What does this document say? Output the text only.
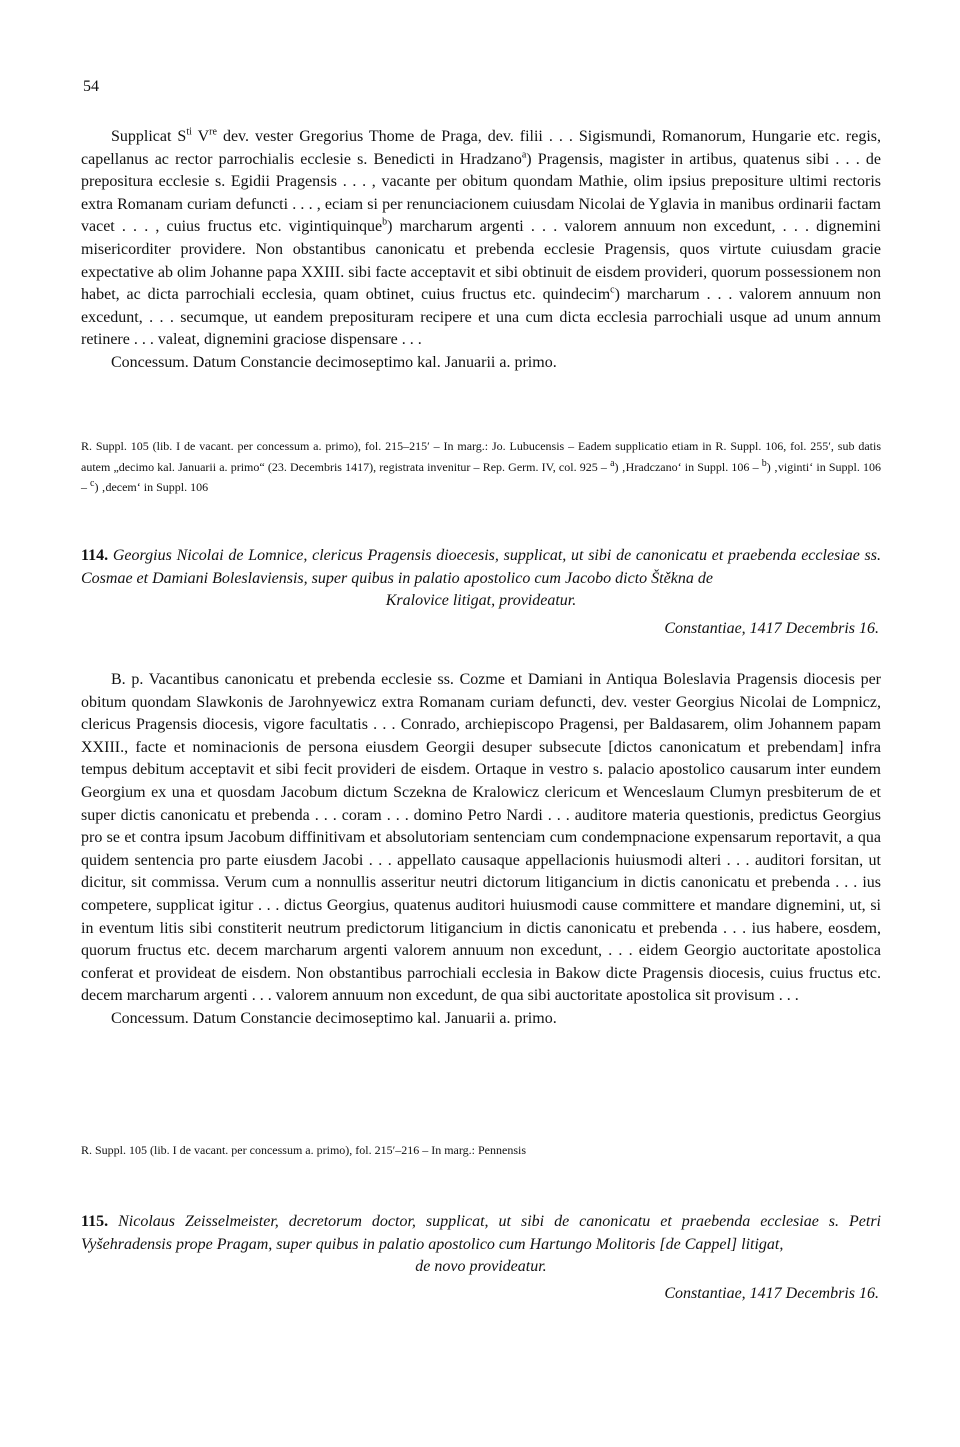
54

Supplicat $S^{ti}$ Vre dev. vester Gregorius Thome de Praga, dev. filii . . . Sigismundi, Romanorum, Hungarie etc. regis, capellanus ac rector parrochialis ecclesie s. Benedicti in Hradzano$^a$) Pragensis, magister in artibus, quatenus sibi . . . de prepositura ecclesie s. Egidii Pragensis . . . , vacante per obitum quondam Mathie, olim ipsius prepositure ultimi rectoris extra Romanam curiam defuncti . . . , eciam si per renunciacionem cuiusdam Nicolai de Yglavia in manibus ordinarii factam vacet . . . , cuius fructus etc. vigintiquinque$^b$) marcharum argenti . . . valorem annuum non excedunt, . . . dignemini misericorditer providere. Non obstantibus canonicatu et prebenda ecclesie Pragensis, quos virtute cuiusdam gracie expectative ab olim Johanne papa XXIII. sibi facte acceptavit et sibi obtinuit de eisdem provideri, quorum possessionem non habet, ac dicta parrochiali ecclesia, quam obtinet, cuius fructus etc. quindecim$^c$) marcharum . . . valorem annuum non excedunt, . . . secumque, ut eandem preposituram recipere et una cum dicta ecclesia parrochiali usque ad unum annum retinere . . . valeat, dignemini graciose dispensare . . .

Concessum. Datum Constancie decimoseptimo kal. Januarii a. primo.

R. Suppl. 105 (lib. I de vacant. per concessum a. primo), fol. 215–215′ – In marg.: Jo. Lubucensis – Eadem supplicatio etiam in R. Suppl. 106, fol. 255′, sub datis autem „decimo kal. Januarii a. primo“ (23. Decembris 1417), registrata invenitur – Rep. Germ. IV, col. 925 – $^a$) ‚Hradczano‘ in Suppl. 106 – $^b$) ‚viginti‘ in Suppl. 106 – $^c$) ‚decem‘ in Suppl. 106
114. Georgius Nicolai de Lomnice, clericus Pragensis dioecesis, supplicat, ut sibi de canonicatu et praebenda ecclesiae ss. Cosmae et Damiani Boleslaviensis, super quibus in palatio apostolico cum Jacobo dicto Štěkna de
Kralovice litigat, provideatur.
Constantiae, 1417 Decembris 16.

B. p. Vacantibus canonicatu et prebenda ecclesie ss. Cozme et Damiani in Antiqua Boleslavia Pragensis diocesis per obitum quondam Slawkonis de Jarohnyewicz extra Romanam curiam defuncti, dev. vester Georgius Nicolai de Lompnicz, clericus Pragensis diocesis, vigore facultatis . . . Conrado, archiepiscopo Pragensi, per Baldasarem, olim Johannem papam XXIII., facte et nominacionis de persona eiusdem Georgii desuper subsecute [dictos canonicatum et prebendam] infra tempus debitum acceptavit et sibi fecit provideri de eisdem. Ortaque in vestro s. palacio apostolico causarum inter eundem Georgium ex una et quosdam Jacobum dictum Sczekna de Kralowicz clericum et Wenceslaum Clumyn presbiterum de et super dictis canonicatu et prebenda . . . coram . . . domino Petro Nardi . . . auditore materia questionis, predictus Georgius pro se et contra ipsum Jacobum diffinitivam et absolutoriam sentenciam cum condempnacione expensarum reportavit, a qua quidem sentencia pro parte eiusdem Jacobi . . . appellato causaque appellacionis huiusmodi alteri . . . auditori forsitan, ut dicitur, sit commissa. Verum cum a nonnullis asseritur neutri dictorum litigancium in dictis canonicatu et prebenda . . . ius competere, supplicat igitur . . . dictus Georgius, quatenus auditori huiusmodi cause committere et mandare dignemini, ut, si in eventum litis sibi constiterit neutrum predictorum litigancium in dictis canonicatu et prebenda . . . ius habere, eosdem, quorum fructus etc. decem marcharum argenti valorem annuum non excedunt, . . . eidem Georgio auctoritate apostolica conferat et provideat de eisdem. Non obstantibus parrochiali ecclesia in Bakow dicte Pragensis diocesis, cuius fructus etc. decem marcharum argenti . . . valorem annuum non excedunt, de qua sibi auctoritate apostolica sit provisum . . .

Concessum. Datum Constancie decimoseptimo kal. Januarii a. primo.

R. Suppl. 105 (lib. I de vacant. per concessum a. primo), fol. 215′–216 – In marg.: Pennensis
115. Nicolaus Zeisselmeister, decretorum doctor, supplicat, ut sibi de canonicatu et praebenda ecclesiae s. Petri Vyšehradensis prope Pragam, super quibus in palatio apostolico cum Hartungo Molitoris [de Cappel] litigat,
de novo provideatur.
Constantiae, 1417 Decembris 16.
